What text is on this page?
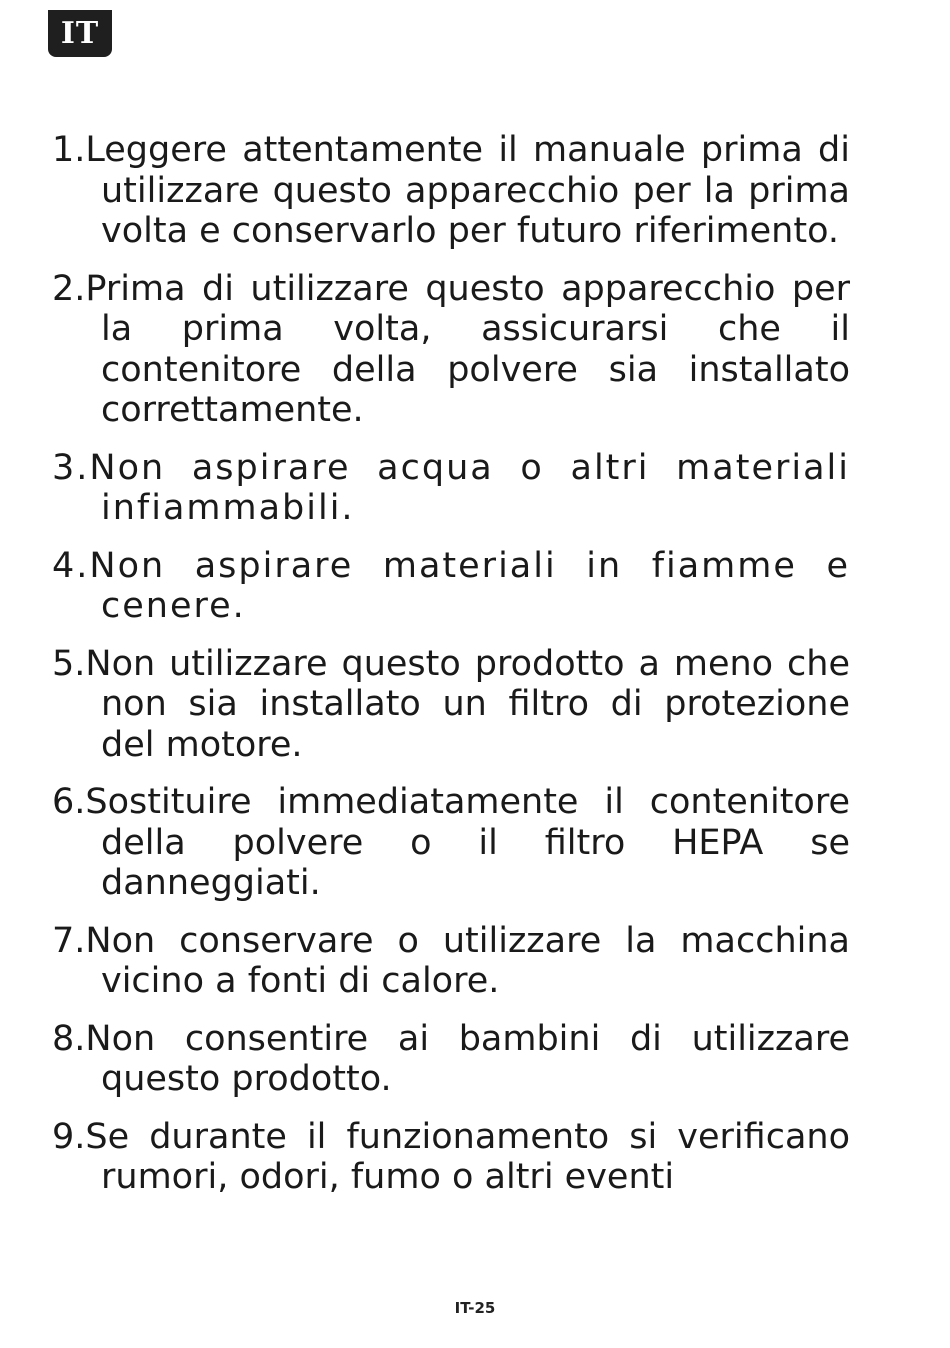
IT
1.Leggere attentamente il manuale prima di utilizzare questo apparecchio per la prima volta e conservarlo per futuro riferimento.
2.Prima di utilizzare questo apparecchio per la prima volta, assicurarsi che il contenitore della polvere sia installato correttamente.
3.Non aspirare acqua o altri materiali infiammabili.
4.Non aspirare materiali in fiamme e cenere.
5.Non utilizzare questo prodotto a meno che non sia installato un filtro di protezione del motore.
6.Sostituire immediatamente il contenitore della polvere o il filtro HEPA se danneggiati.
7.Non conservare o utilizzare la macchina vicino a fonti di calore.
8.Non consentire ai bambini di utilizzare questo prodotto.
9.Se durante il funzionamento si verificano rumori, odori, fumo o altri eventi
IT-25
